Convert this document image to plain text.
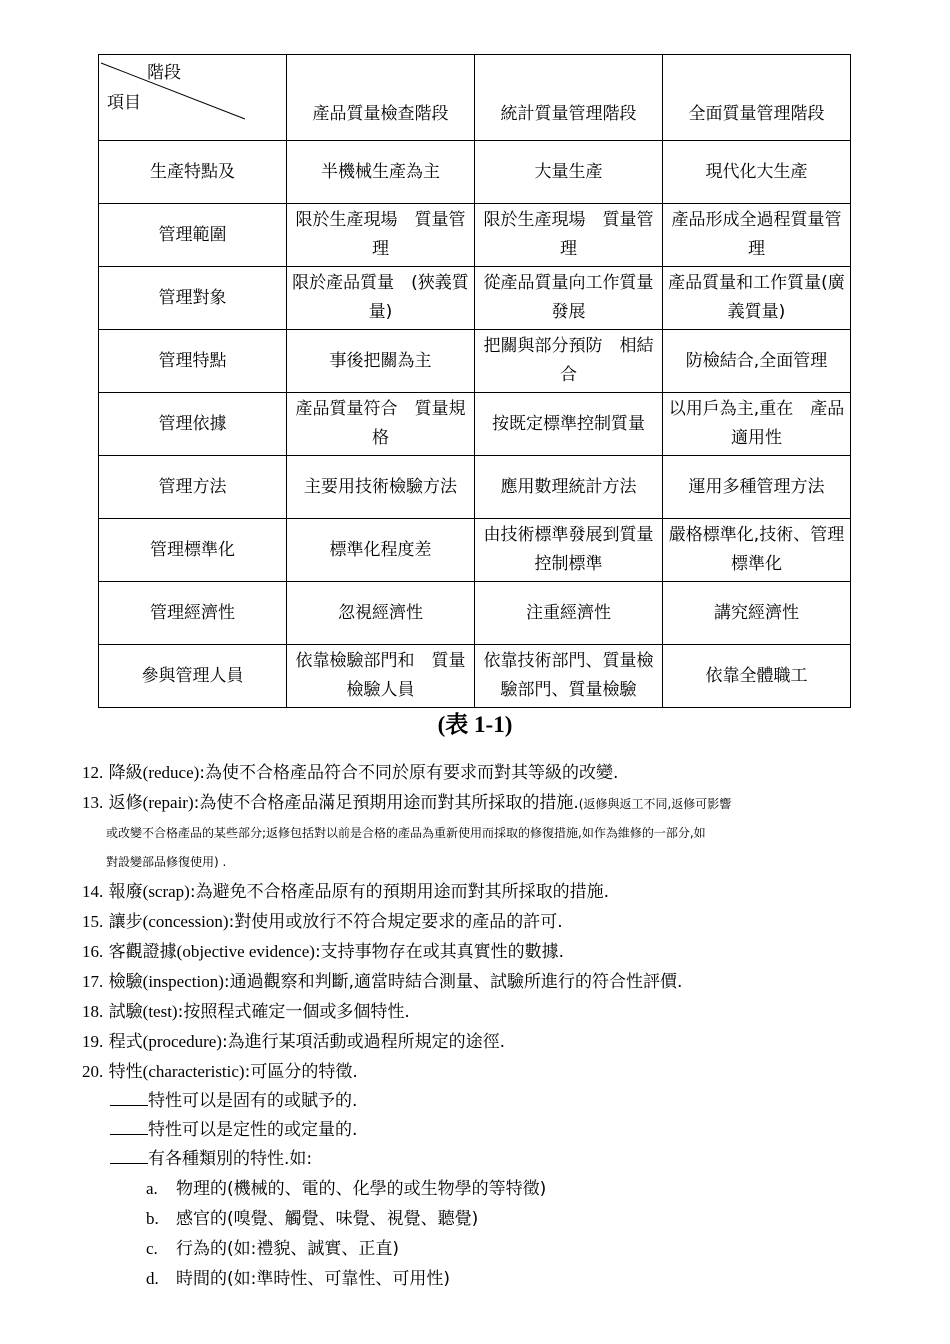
階段
項目	產品質量檢查階段	統計質量管理階段	全面質量管理階段
生產特點及	半機械生產為主	大量生產	現代化大生產
管理範圍	限於生產現場　質量管理	限於生產現場　質量管理	產品形成全過程質量管理
管理對象	限於產品質量　(狹義質量)	從產品質量向工作質量發展	產品質量和工作質量(廣義質量)
管理特點	事後把關為主	把關與部分預防　相結合	防檢結合,全面管理
管理依據	產品質量符合　質量規格	按既定標準控制質量	以用戶為主,重在　產品適用性
管理方法	主要用技術檢驗方法	應用數理統計方法	運用多種管理方法
管理標準化	標準化程度差	由技術標準發展到質量控制標準	嚴格標準化,技術、管理標準化
管理經濟性	忽視經濟性	注重經濟性	講究經濟性
參與管理人員	依靠檢驗部門和　質量檢驗人員	依靠技術部門、質量檢驗部門、質量檢驗	依靠全體職工
(表 1-1)
12. 降級(reduce):為使不合格產品符合不同於原有要求而對其等級的改變.
13. 返修(repair):為使不合格產品滿足預期用途而對其所採取的措施.(返修與返工不同,返修可影響
或改變不合格產品的某些部分;返修包括對以前是合格的產品為重新使用而採取的修復措施,如作為維修的一部分,如
對設變部品修復使用) .
14. 報廢(scrap):為避免不合格產品原有的預期用途而對其所採取的措施.
15. 讓步(concession):對使用或放行不符合規定要求的產品的許可.
16. 客觀證據(objective evidence):支持事物存在或其真實性的數據.
17. 檢驗(inspection):通過觀察和判斷,適當時結合測量、試驗所進行的符合性評價.
18. 試驗(test):按照程式確定一個或多個特性.
19. 程式(procedure):為進行某項活動或過程所規定的途徑.
20. 特性(characteristic):可區分的特徵.
特性可以是固有的或賦予的.
特性可以是定性的或定量的.
有各種類別的特性.如:
a. 物理的(機械的、電的、化學的或生物學的等特徵)
b. 感官的(嗅覺、觸覺、味覺、視覺、聽覺)
c. 行為的(如:禮貌、誠實、正直)
d. 時間的(如:準時性、可靠性、可用性)
